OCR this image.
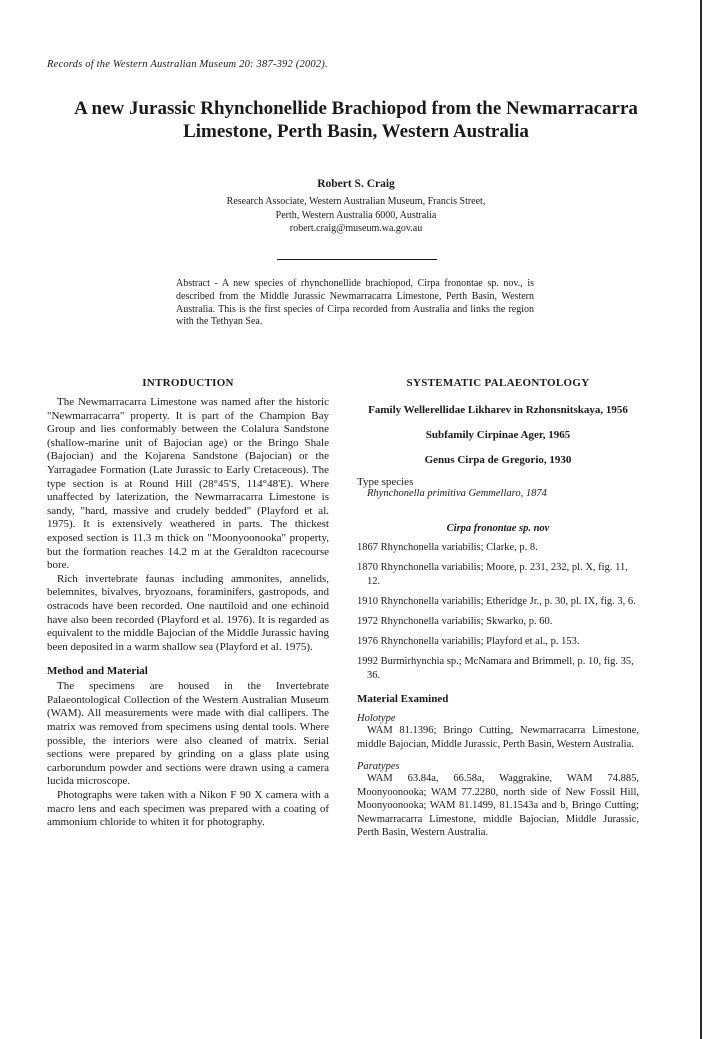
Records of the Western Australian Museum 20: 387-392 (2002).
A new Jurassic Rhynchonellide Brachiopod from the Newmarracarra
Limestone, Perth Basin, Western Australia
Robert S. Craig
Research Associate, Western Australian Museum, Francis Street,
Perth, Western Australia 6000, Australia
robert.craig@museum.wa.gov.au
Abstract - A new species of rhynchonellide brachiopod, Cirpa fronontae sp. nov., is described from the Middle Jurassic Newmarracarra Limestone, Perth Basin, Western Australia. This is the first species of Cirpa recorded from Australia and links the region with the Tethyan Sea.

INTRODUCTION

The Newmarracarra Limestone was named after the historic "Newmarracarra" property. It is part of the Champion Bay Group and lies conformably between the Colalura Sandstone (shallow-marine unit of Bajocian age) or the Bringo Shale (Bajocian) and the Kojarena Sandstone (Bajocian) or the Yarragadee Formation (Late Jurassic to Early Cretaceous). The type section is at Round Hill (28°45'S, 114°48'E). Where unaffected by laterization, the Newmarracarra Limestone is sandy, "hard, massive and crudely bedded" (Playford et al. 1975). It is extensively weathered in parts. The thickest exposed section is 11.3 m thick on "Moonyoonooka" property, but the formation reaches 14.2 m at the Geraldton racecourse bore.

Rich invertebrate faunas including ammonites, annelids, belemnites, bivalves, bryozoans, foraminifers, gastropods, and ostracods have been recorded. One nautiloid and one echinoid have also been recorded (Playford et al. 1976). It is regarded as equivalent to the middle Bajocian of the Middle Jurassic having been deposited in a warm shallow sea (Playford et al. 1975).

Method and Material

The specimens are housed in the Invertebrate Palaeontological Collection of the Western Australian Museum (WAM). All measurements were made with dial callipers. The matrix was removed from specimens using dental tools. Where possible, the interiors were also cleaned of matrix. Serial sections were prepared by grinding on a glass plate using carborundum powder and sections were drawn using a camera lucida microscope.

Photographs were taken with a Nikon F 90 X camera with a macro lens and each specimen was prepared with a coating of ammonium chloride to whiten it for photography.

SYSTEMATIC PALAEONTOLOGY

Family Wellerellidae Likharev in Rzhonsnitskaya, 1956

Subfamily Cirpinae Ager, 1965

Genus Cirpa de Gregorio, 1930

Type species

Rhynchonella primitiva Gemmellaro, 1874

Cirpa fronontae sp. nov

1867 Rhynchonella variabilis; Clarke, p. 8.

1870 Rhynchonella variabilis; Moore, p. 231, 232, pl. X, fig. 11, 12.

1910 Rhynchonella variabilis; Etheridge Jr., p. 30, pl. IX, fig. 3, 6.

1972 Rhynchonella variabilis; Skwarko, p. 60.

1976 Rhynchonella variabilis; Playford et al., p. 153.

1992 Burmirhynchia sp.; McNamara and Brimmell, p. 10, fig. 35, 36.

Material Examined

Holotype

WAM 81.1396; Bringo Cutting, Newmarracarra Limestone, middle Bajocian, Middle Jurassic, Perth Basin, Western Australia.

Paratypes

WAM 63.84a, 66.58a, Waggrakine, WAM 74.885, Moonyoonooka; WAM 77.2280, north side of New Fossil Hill, Moonyoonooka; WAM 81.1499, 81.1543a and b, Bringo Cutting; Newmarracarra Limestone, middle Bajocian, Middle Jurassic, Perth Basin, Western Australia.
